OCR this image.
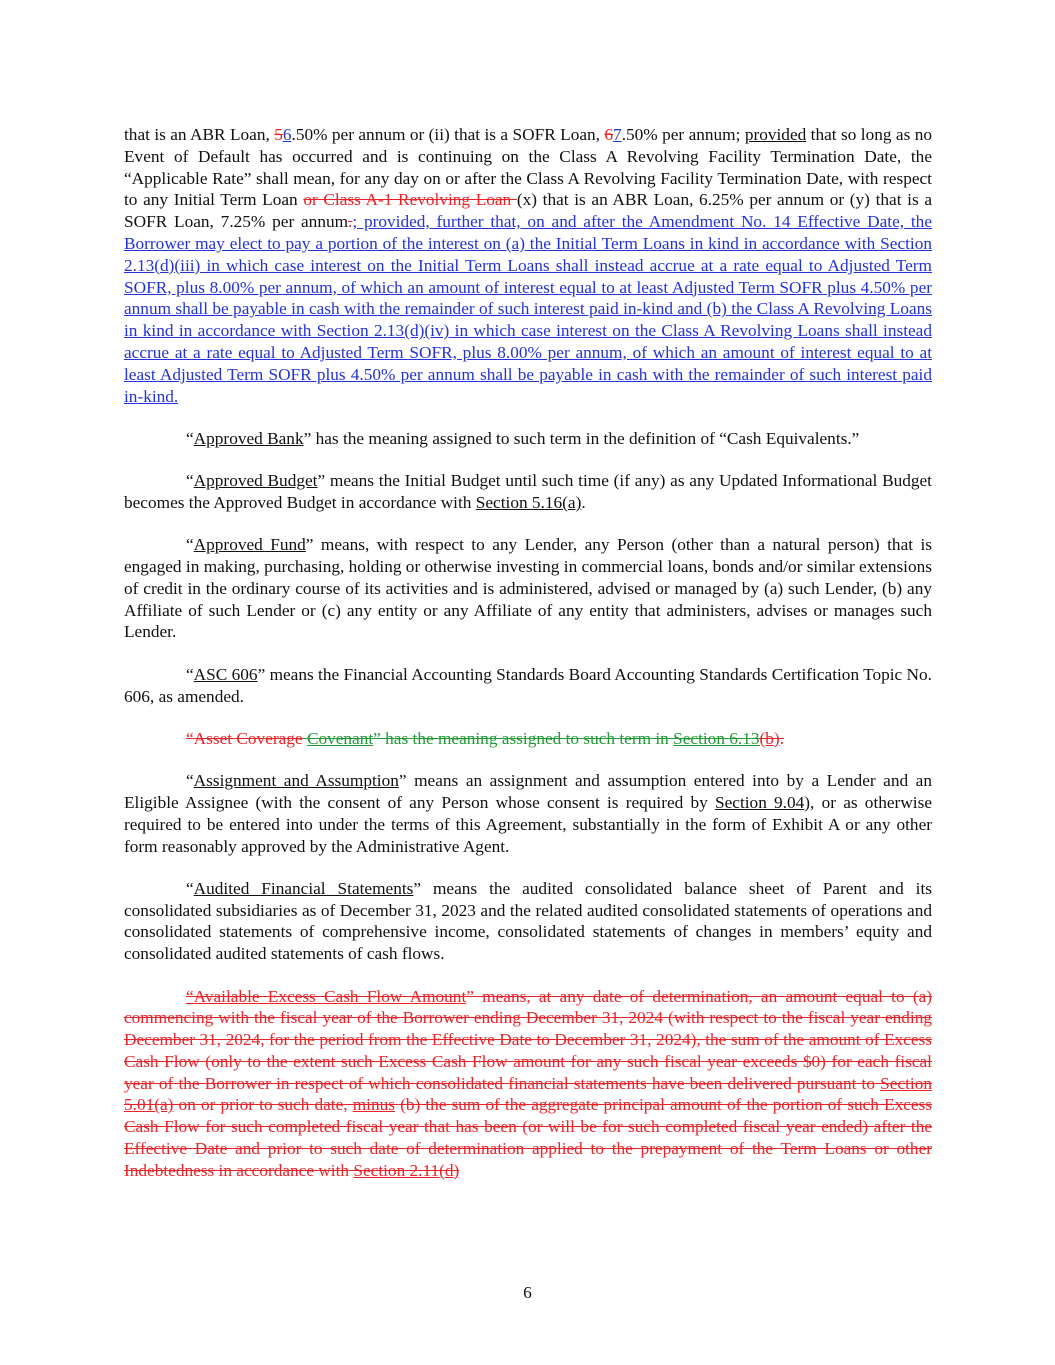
that is an ABR Loan, 56.50% per annum or (ii) that is a SOFR Loan, 67.50% per annum; provided that so long as no Event of Default has occurred and is continuing on the Class A Revolving Facility Termination Date, the “Applicable Rate” shall mean, for any day on or after the Class A Revolving Facility Termination Date, with respect to any Initial Term Loan or Class A-1 Revolving Loan (x) that is an ABR Loan, 6.25% per annum or (y) that is a SOFR Loan, 7.25% per annum.; provided, further that, on and after the Amendment No. 14 Effective Date, the Borrower may elect to pay a portion of the interest on (a) the Initial Term Loans in kind in accordance with Section 2.13(d)(iii) in which case interest on the Initial Term Loans shall instead accrue at a rate equal to Adjusted Term SOFR, plus 8.00% per annum, of which an amount of interest equal to at least Adjusted Term SOFR plus 4.50% per annum shall be payable in cash with the remainder of such interest paid in-kind and (b) the Class A Revolving Loans in kind in accordance with Section 2.13(d)(iv) in which case interest on the Class A Revolving Loans shall instead accrue at a rate equal to Adjusted Term SOFR, plus 8.00% per annum, of which an amount of interest equal to at least Adjusted Term SOFR plus 4.50% per annum shall be payable in cash with the remainder of such interest paid in-kind.

“Approved Bank” has the meaning assigned to such term in the definition of “Cash Equivalents.”

“Approved Budget” means the Initial Budget until such time (if any) as any Updated Informational Budget becomes the Approved Budget in accordance with Section 5.16(a).

“Approved Fund” means, with respect to any Lender, any Person (other than a natural person) that is engaged in making, purchasing, holding or otherwise investing in commercial loans, bonds and/or similar extensions of credit in the ordinary course of its activities and is administered, advised or managed by (a) such Lender, (b) any Affiliate of such Lender or (c) any entity or any Affiliate of any entity that administers, advises or manages such Lender.

“ASC 606” means the Financial Accounting Standards Board Accounting Standards Certification Topic No. 606, as amended.

“Asset Coverage Covenant” has the meaning assigned to such term in Section 6.13(b).

“Assignment and Assumption” means an assignment and assumption entered into by a Lender and an Eligible Assignee (with the consent of any Person whose consent is required by Section 9.04), or as otherwise required to be entered into under the terms of this Agreement, substantially in the form of Exhibit A or any other form reasonably approved by the Administrative Agent.

“Audited Financial Statements” means the audited consolidated balance sheet of Parent and its consolidated subsidiaries as of December 31, 2023 and the related audited consolidated statements of operations and consolidated statements of comprehensive income, consolidated statements of changes in members’ equity and consolidated audited statements of cash flows.

“Available Excess Cash Flow Amount” means, at any date of determination, an amount equal to (a) commencing with the fiscal year of the Borrower ending December 31, 2024 (with respect to the fiscal year ending December 31, 2024, for the period from the Effective Date to December 31, 2024), the sum of the amount of Excess Cash Flow (only to the extent such Excess Cash Flow amount for any such fiscal year exceeds $0) for each fiscal year of the Borrower in respect of which consolidated financial statements have been delivered pursuant to Section 5.01(a) on or prior to such date, minus (b) the sum of the aggregate principal amount of the portion of such Excess Cash Flow for such completed fiscal year that has been (or will be for such completed fiscal year ended) after the Effective Date and prior to such date of determination applied to the prepayment of the Term Loans or other Indebtedness in accordance with Section 2.11(d)

6
